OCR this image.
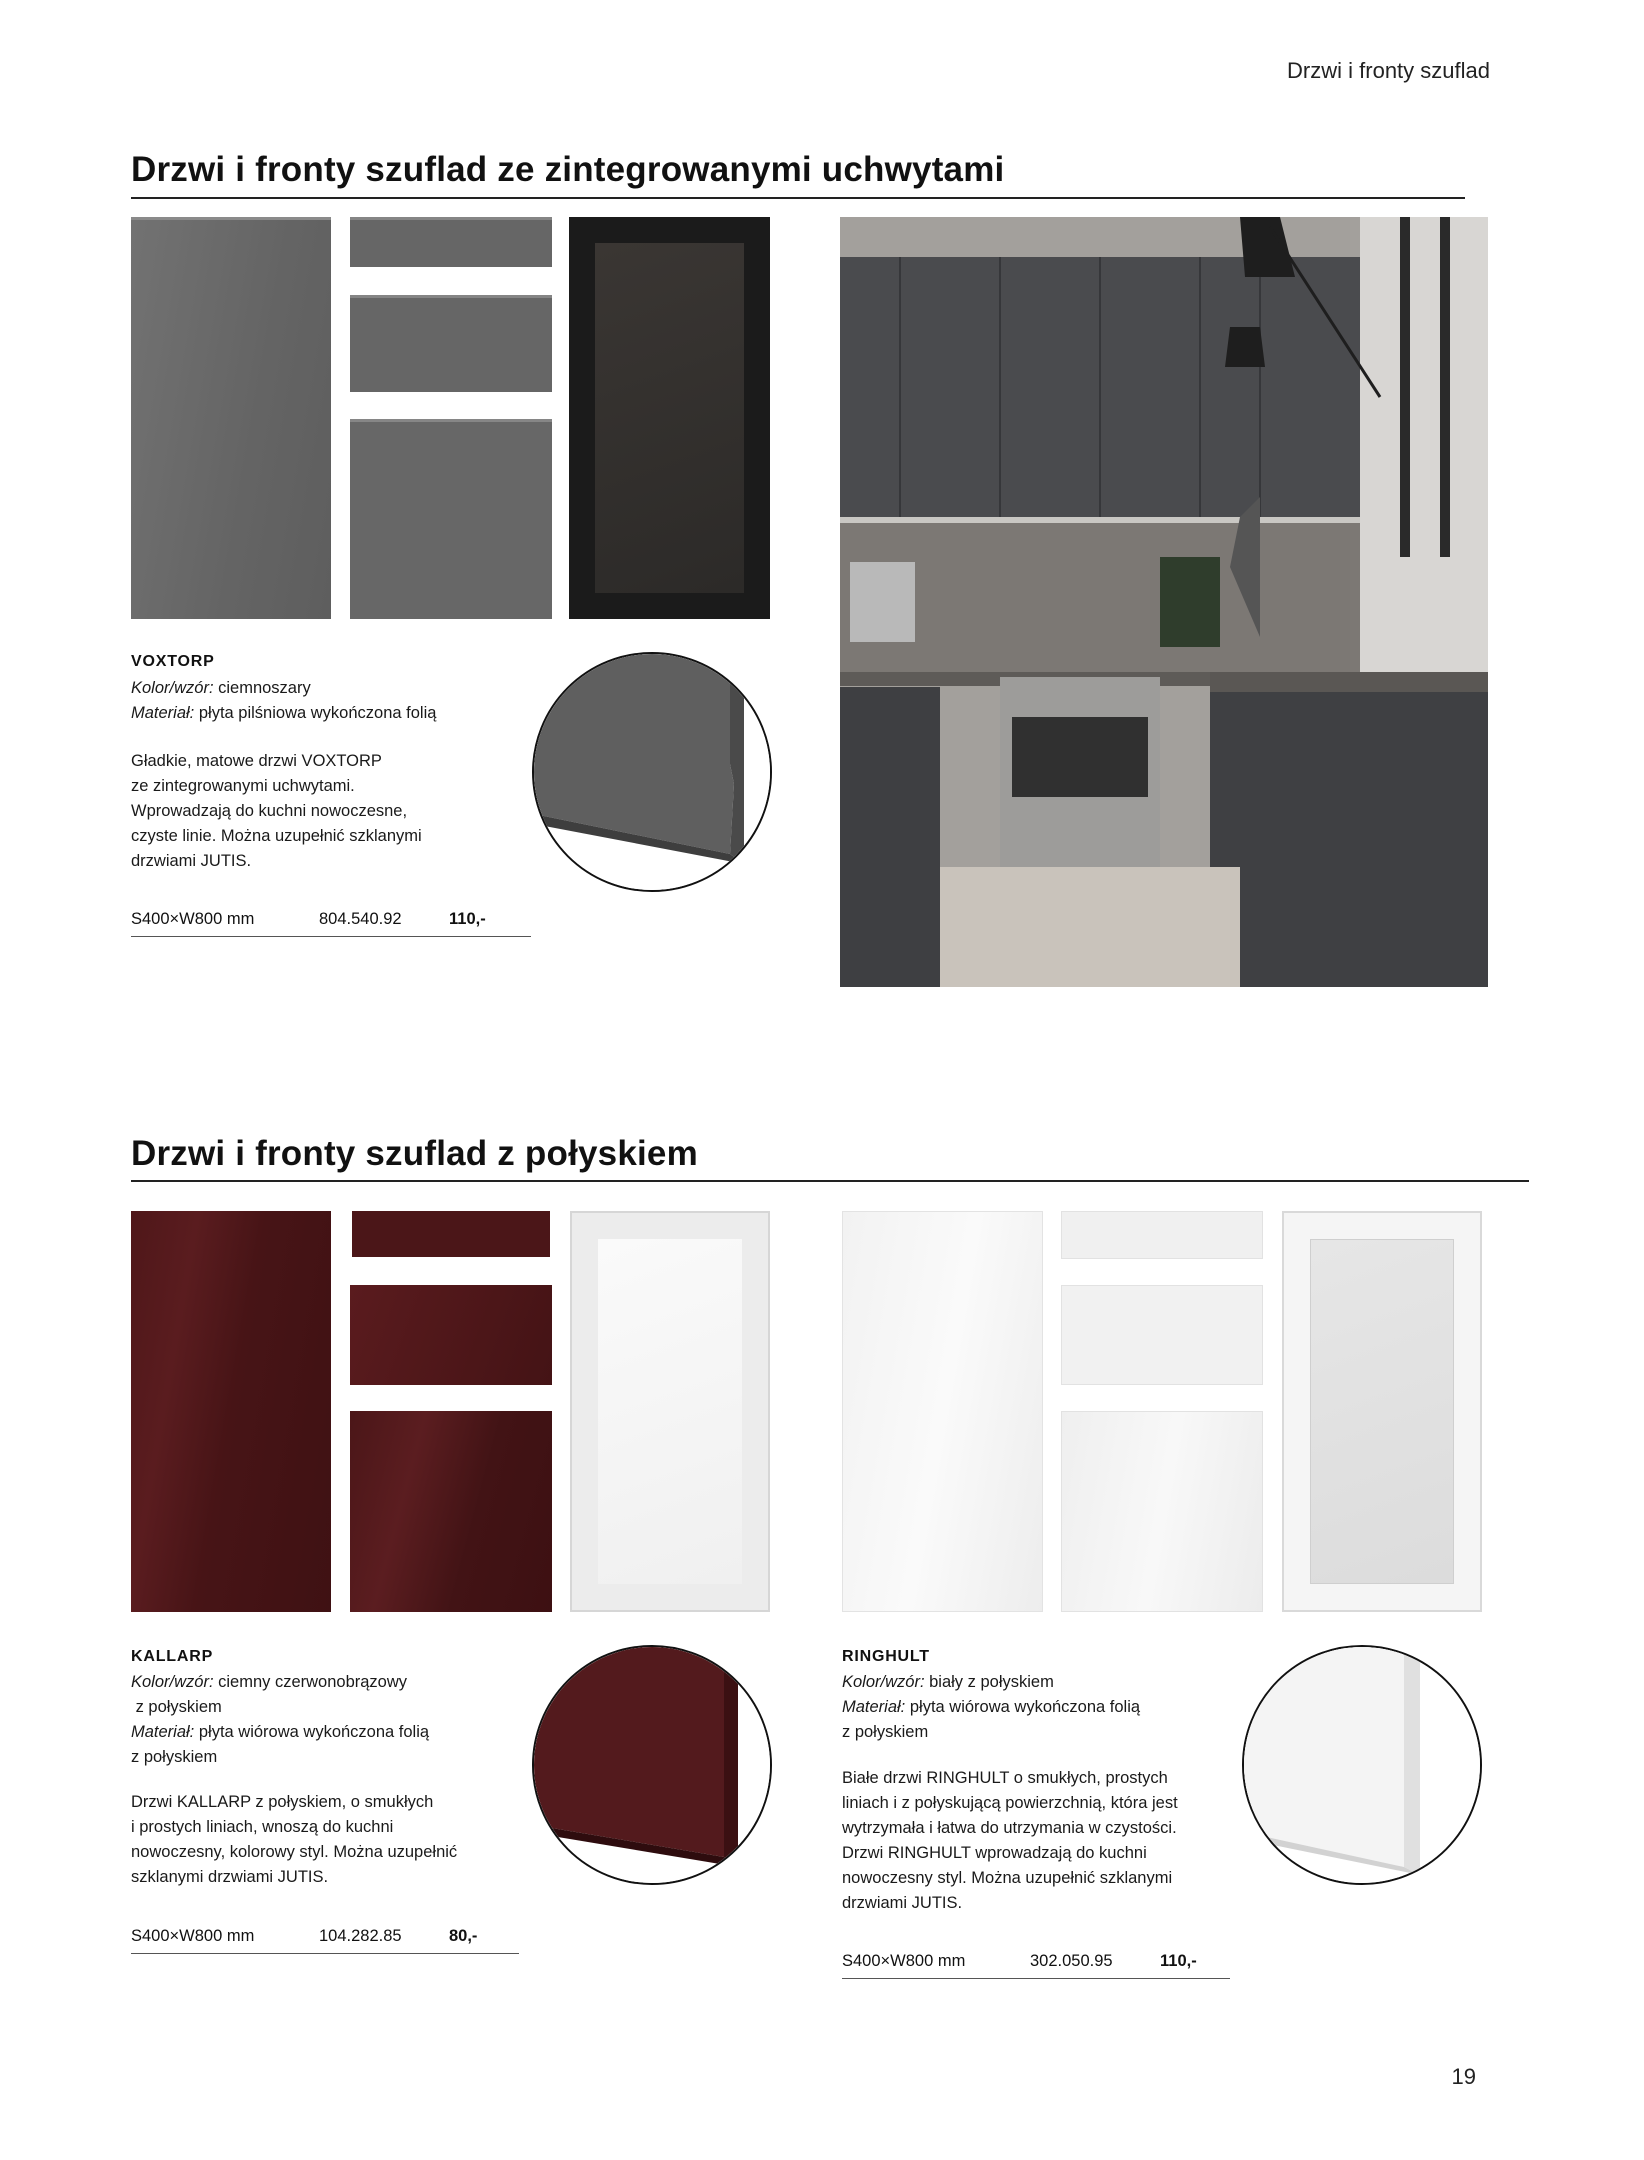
Drzwi i fronty szuflad
Drzwi i fronty szuflad ze zintegrowanymi uchwytami
VOXTORP
Kolor/wzór: ciemnoszary
Materiał: płyta pilśniowa wykończona folią
Gładkie, matowe drzwi VOXTORP
ze zintegrowanymi uchwytami.
Wprowadzają do kuchni nowoczesne,
czyste linie. Można uzupełnić szklanymi
drzwiami JUTIS.
S400×W800 mm	804.540.92	110,-
Drzwi i fronty szuflad z połyskiem
KALLARP
Kolor/wzór: ciemny czerwonobrązowy
z połyskiem
Materiał: płyta wiórowa wykończona folią
z połyskiem
Drzwi KALLARP z połyskiem, o smukłych
i prostych liniach, wnoszą do kuchni
nowoczesny, kolorowy styl. Można uzupełnić
szklanymi drzwiami JUTIS.
S400×W800 mm	104.282.85	80,-
RINGHULT
Kolor/wzór: biały z połyskiem
Materiał: płyta wiórowa wykończona folią
z połyskiem
Białe drzwi RINGHULT o smukłych, prostych
liniach i z połyskującą powierzchnią, która jest
wytrzymała i łatwa do utrzymania w czystości.
Drzwi RINGHULT wprowadzają do kuchni
nowoczesny styl. Można uzupełnić szklanymi
drzwiami JUTIS.
S400×W800 mm	302.050.95	110,-
19
